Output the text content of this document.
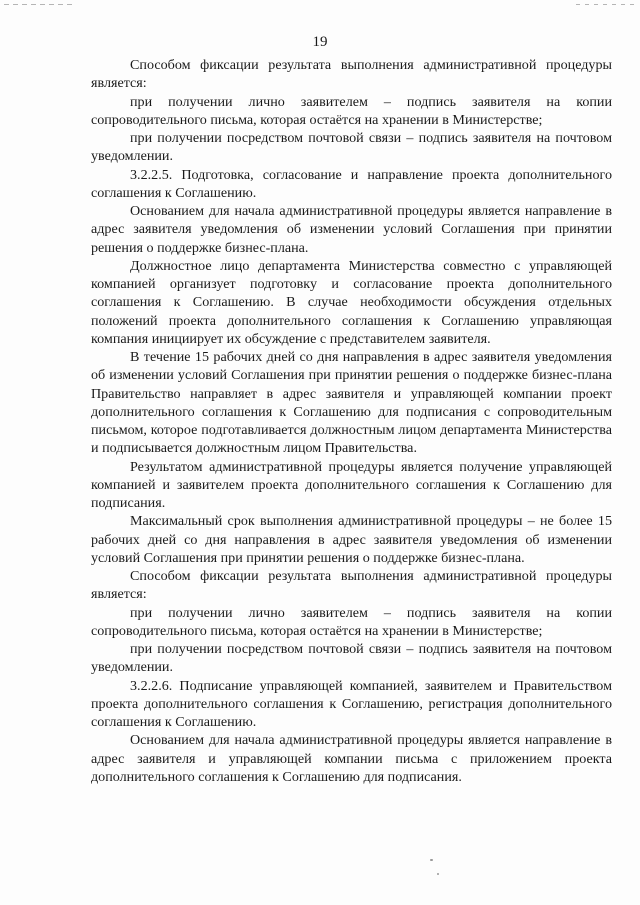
19

Способом фиксации результата выполнения административной процедуры является:

при получении лично заявителем – подпись заявителя на копии сопроводительного письма, которая остаётся на хранении в Министерстве;

при получении посредством почтовой связи – подпись заявителя на почтовом уведомлении.

3.2.2.5. Подготовка, согласование и направление проекта дополнительного соглашения к Соглашению.

Основанием для начала административной процедуры является направление в адрес заявителя уведомления об изменении условий Соглашения при принятии решения о поддержке бизнес-плана.

Должностное лицо департамента Министерства совместно с управляющей компанией организует подготовку и согласование проекта дополнительного соглашения к Соглашению. В случае необходимости обсуждения отдельных положений проекта дополнительного соглашения к Соглашению управляющая компания инициирует их обсуждение с представителем заявителя.

В течение 15 рабочих дней со дня направления в адрес заявителя уведомления об изменении условий Соглашения при принятии решения о поддержке бизнес-плана Правительство направляет в адрес заявителя и управляющей компании проект дополнительного соглашения к Соглашению для подписания с сопроводительным письмом, которое подготавливается должностным лицом департамента Министерства и подписывается должностным лицом Правительства.

Результатом административной процедуры является получение управляющей компанией и заявителем проекта дополнительного соглашения к Соглашению для подписания.

Максимальный срок выполнения административной процедуры – не более 15 рабочих дней со дня направления в адрес заявителя уведомления об изменении условий Соглашения при принятии решения о поддержке бизнес-плана.

Способом фиксации результата выполнения административной процедуры является:

при получении лично заявителем – подпись заявителя на копии сопроводительного письма, которая остаётся на хранении в Министерстве;

при получении посредством почтовой связи – подпись заявителя на почтовом уведомлении.

3.2.2.6. Подписание управляющей компанией, заявителем и Правительством проекта дополнительного соглашения к Соглашению, регистрация дополнительного соглашения к Соглашению.

Основанием для начала административной процедуры является направление в адрес заявителя и управляющей компании письма с приложением проекта дополнительного соглашения к Соглашению для подписания.
